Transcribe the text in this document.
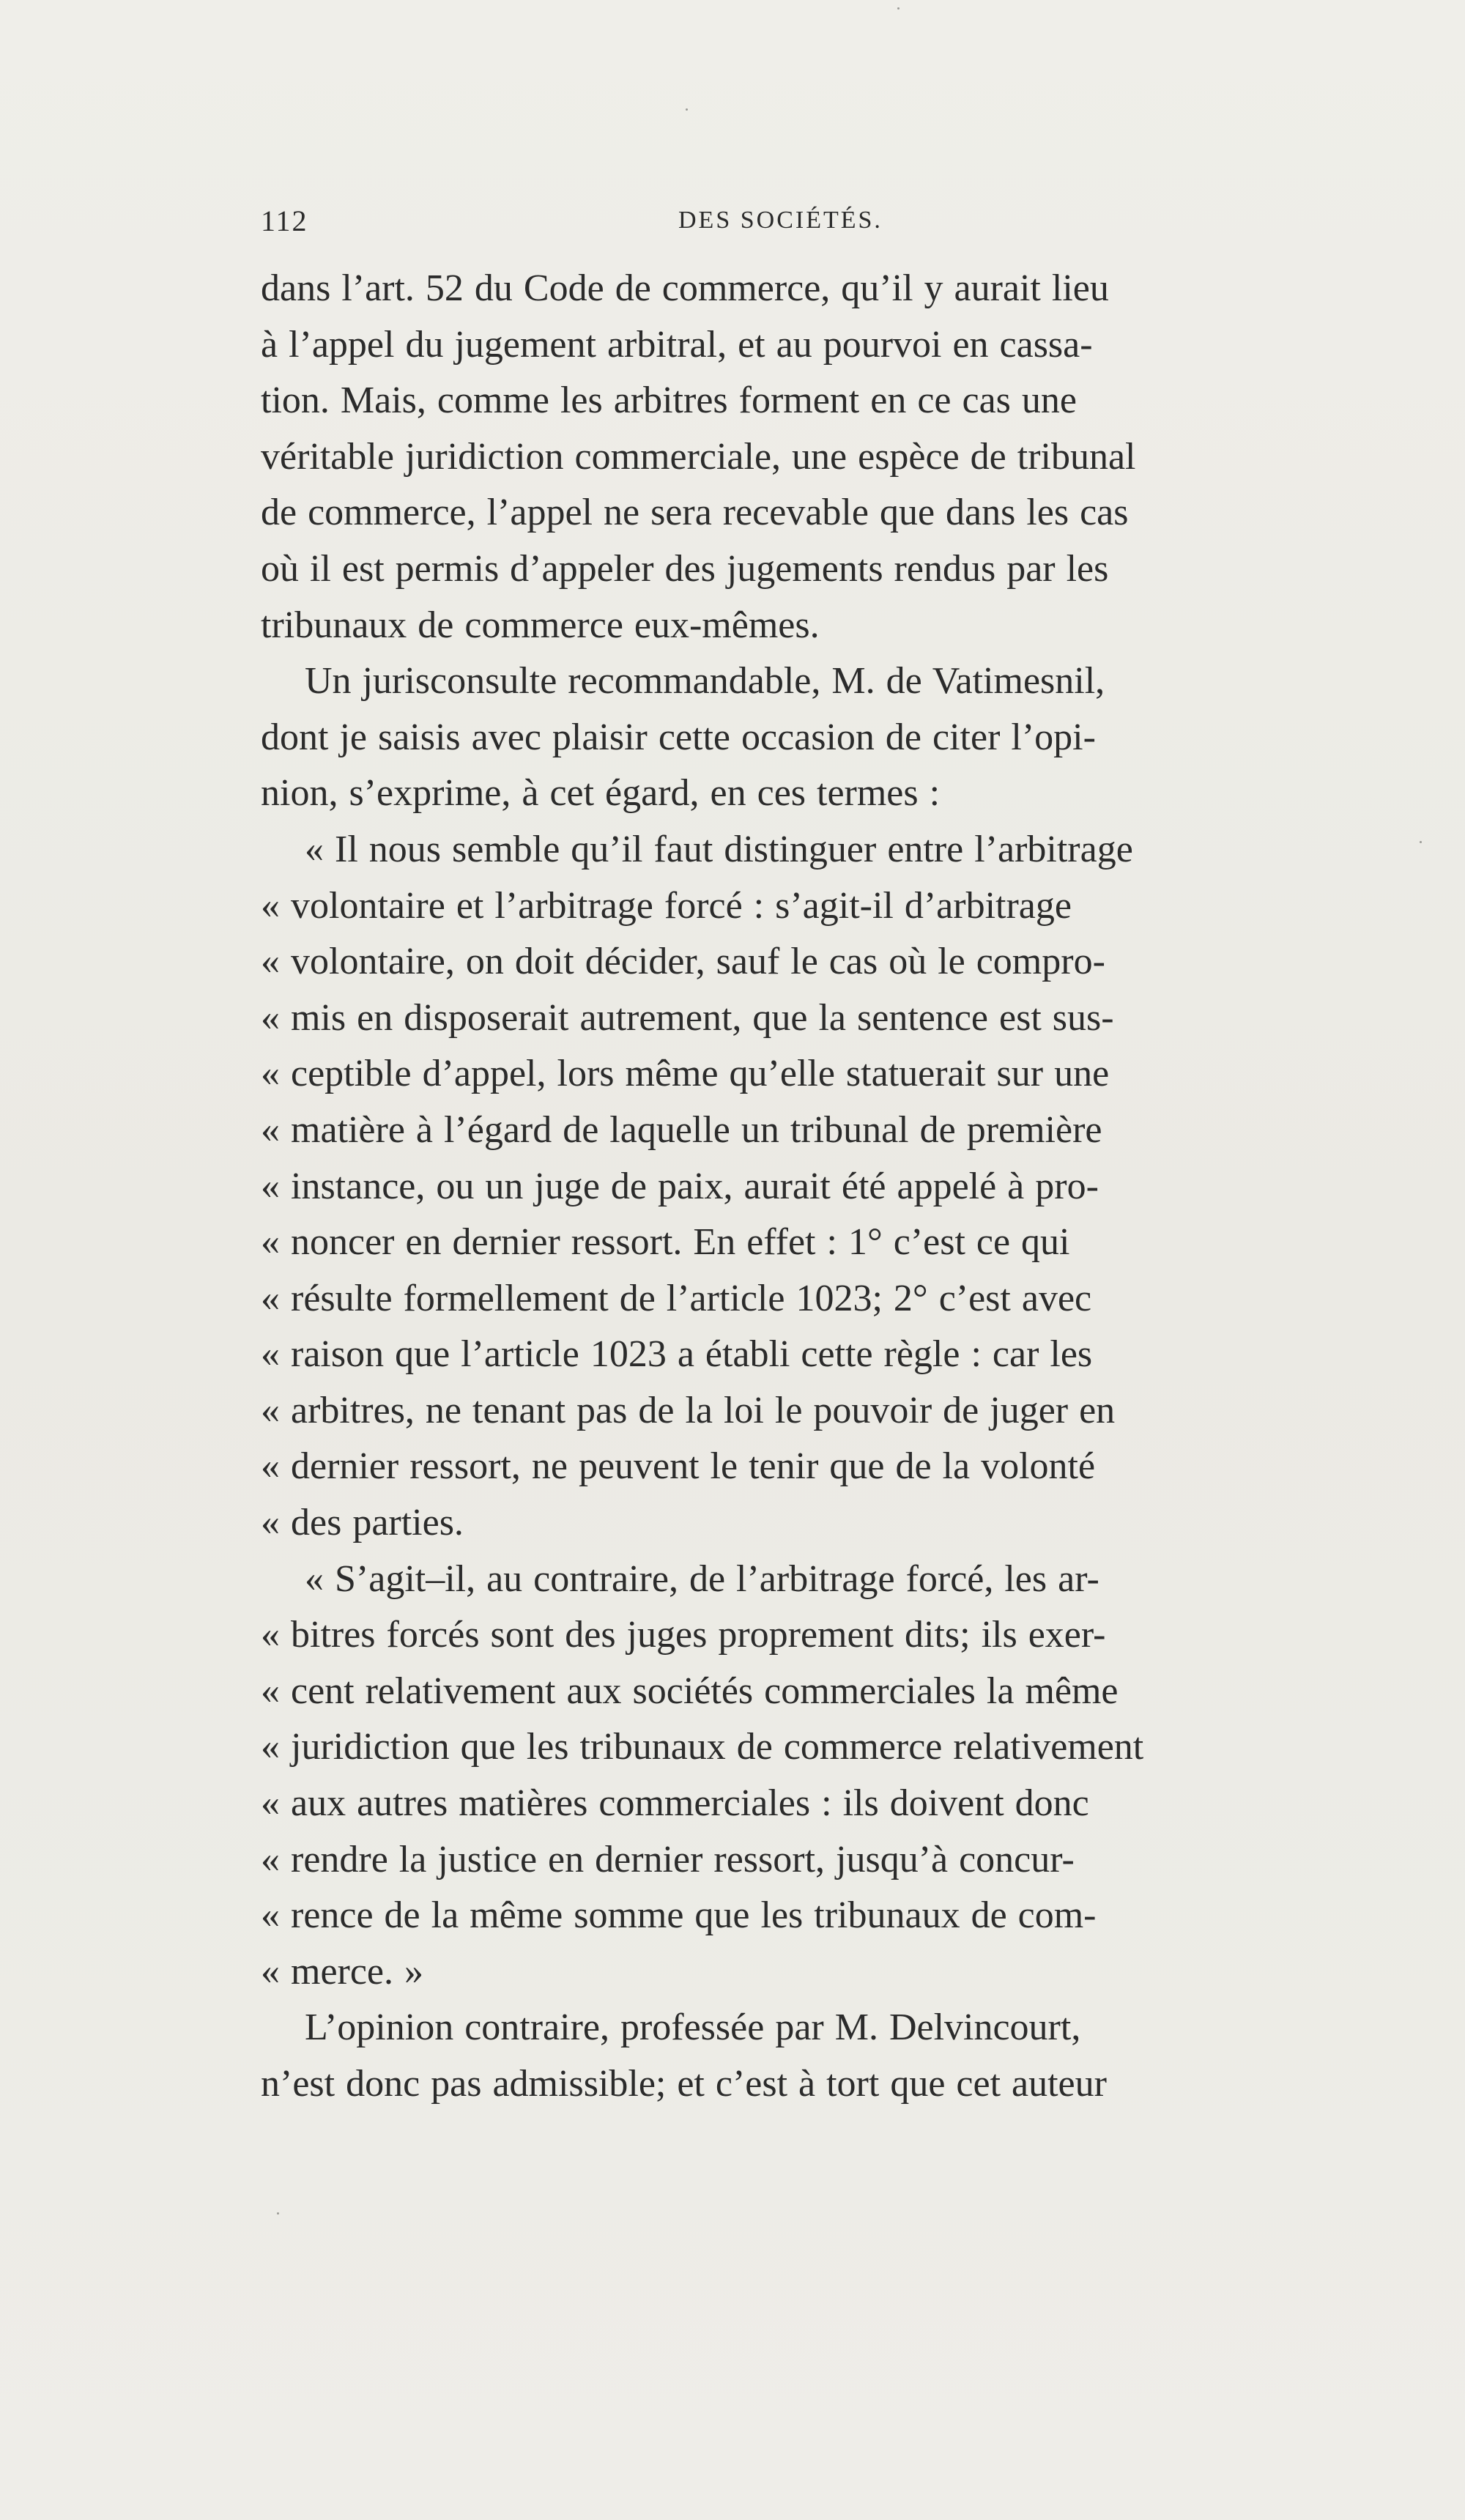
112	DES SOCIÉTÉS.
dans l’art. 52 du Code de commerce, qu’il y aurait lieu
à l’appel du jugement arbitral, et au pourvoi en cassa-
tion. Mais, comme les arbitres forment en ce cas une
véritable juridiction commerciale, une espèce de tribunal
de commerce, l’appel ne sera recevable que dans les cas
où il est permis d’appeler des jugements rendus par les
tribunaux de commerce eux-mêmes.
Un jurisconsulte recommandable, M. de Vatimesnil,
dont je saisis avec plaisir cette occasion de citer l’opi-
nion, s’exprime, à cet égard, en ces termes :
« Il nous semble qu’il faut distinguer entre l’arbitrage
« volontaire et l’arbitrage forcé : s’agit-il d’arbitrage
« volontaire, on doit décider, sauf le cas où le compro-
« mis en disposerait autrement, que la sentence est sus-
« ceptible d’appel, lors même qu’elle statuerait sur une
« matière à l’égard de laquelle un tribunal de première
« instance, ou un juge de paix, aurait été appelé à pro-
« noncer en dernier ressort. En effet : 1° c’est ce qui
« résulte formellement de l’article 1023; 2° c’est avec
« raison que l’article 1023 a établi cette règle : car les
« arbitres, ne tenant pas de la loi le pouvoir de juger en
« dernier ressort, ne peuvent le tenir que de la volonté
« des parties.
« S’agit–il, au contraire, de l’arbitrage forcé, les ar-
« bitres forcés sont des juges proprement dits; ils exer-
« cent relativement aux sociétés commerciales la même
« juridiction que les tribunaux de commerce relativement
« aux autres matières commerciales : ils doivent donc
« rendre la justice en dernier ressort, jusqu’à concur-
« rence de la même somme que les tribunaux de com-
« merce. »
L’opinion contraire, professée par M. Delvincourt,
n’est donc pas admissible; et c’est à tort que cet auteur
